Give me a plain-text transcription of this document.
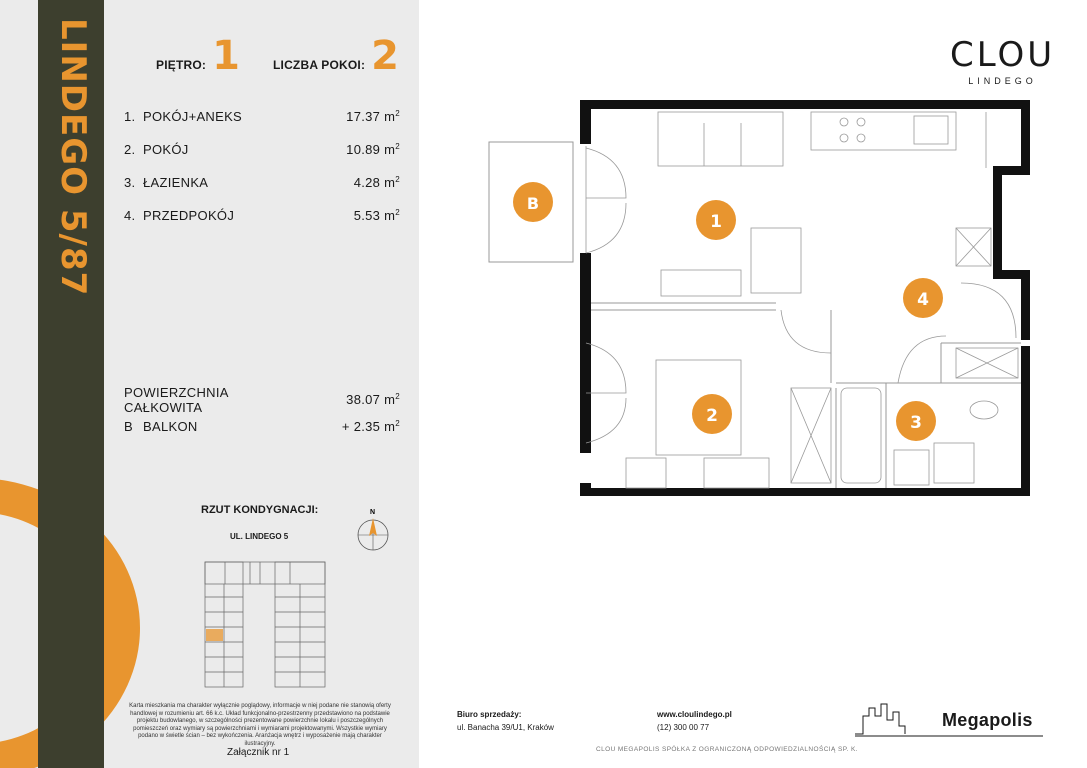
LINDEGO 5/87	PIĘTRO: 1	LICZBA POKOI: 2
1. POKÓJ+ANEKS	17.37 $m^2$
2. POKÓJ	10.89 $m^2$
3. ŁAZIENKA	4.28 $m^2$
4. PRZEDPOKÓJ	5.53 $m^2$
POWIERZCHNIA CAŁKOWITA	38.07 $m^2$
B BALKON	+ 2.35 $m^2$
RZUT KONDYGNACJI:
UL. LINDEGO 5
N
Karta mieszkania ma charakter wyłącznie poglądowy, informacje w niej podane nie stanowią oferty handlowej w rozumieniu art. 66 k.c. Układ funkcjonalno-przestrzenny przedstawiono na podstawie projektu budowlanego, w szczególności prezentowane powierzchnie lokalu i poszczególnych pomieszczeń oraz wymiary są powierzchniami i wymiarami projektowanymi. Wszystkie wymiary podano w świetle ścian – bez wykończenia. Aranżacja wnętrz i wyposażenie mają charakter ilustracyjny.
Załącznik nr 1
CLOU
LINDEGO
B
1
2	3
4
Biuro sprzedaży:
ul. Banacha 39/U1, Kraków
www.cloulindego.pl
(12) 300 00 77
CLOU MEGAPOLIS SPÓŁKA Z OGRANICZONĄ ODPOWIEDZIALNOŚCIĄ SP. K.
Megapolis
